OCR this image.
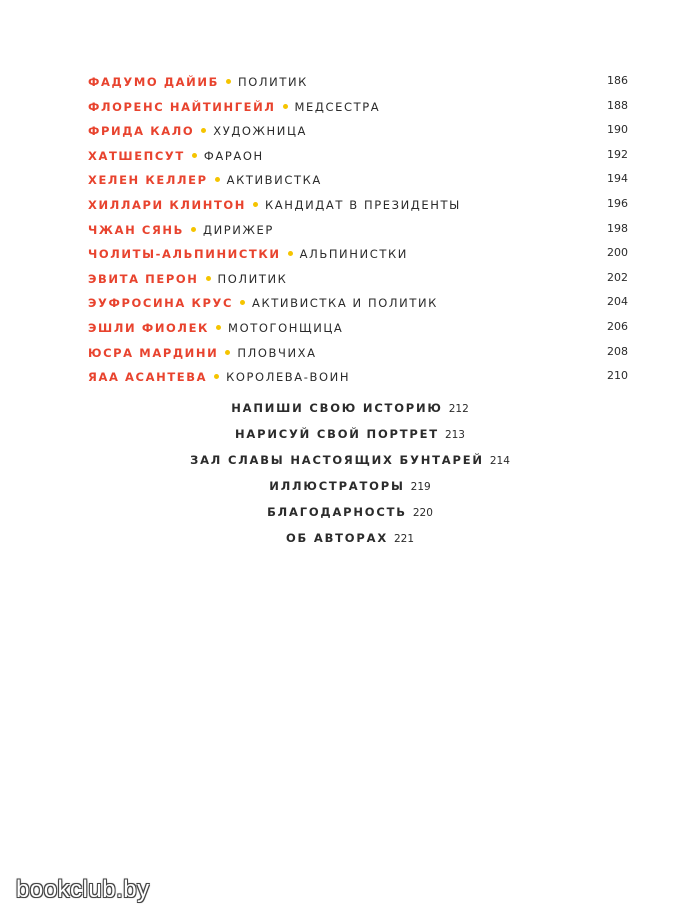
ФАДУМО ДАЙИБ ПОЛИТИК	186
ФЛОРЕНС НАЙТИНГЕЙЛ МЕДСЕСТРА	188
ФРИДА КАЛО ХУДОЖНИЦА	190
ХАТШЕПСУТ ФАРАОН	192
ХЕЛЕН КЕЛЛЕР АКТИВИСТКА	194
ХИЛЛАРИ КЛИНТОН КАНДИДАТ В ПРЕЗИДЕНТЫ	196
ЧЖАН СЯНЬ ДИРИЖЕР	198
ЧОЛИТЫ-АЛЬПИНИСТКИ АЛЬПИНИСТКИ	200
ЭВИТА ПЕРОН ПОЛИТИК	202
ЭУФРОСИНА КРУС АКТИВИСТКА И ПОЛИТИК	204
ЭШЛИ ФИОЛЕК МОТОГОНЩИЦА	206
ЮСРА МАРДИНИ ПЛОВЧИХА	208
ЯАА АСАНТЕВА КОРОЛЕВА-ВОИН	210
НАПИШИ СВОЮ ИСТОРИЮ 212
НАРИСУЙ СВОЙ ПОРТРЕТ 213
ЗАЛ СЛАВЫ НАСТОЯЩИХ БУНТАРЕЙ 214
ИЛЛЮСТРАТОРЫ 219
БЛАГОДАРНОСТЬ 220
ОБ АВТОРАХ 221
bookclub.by
